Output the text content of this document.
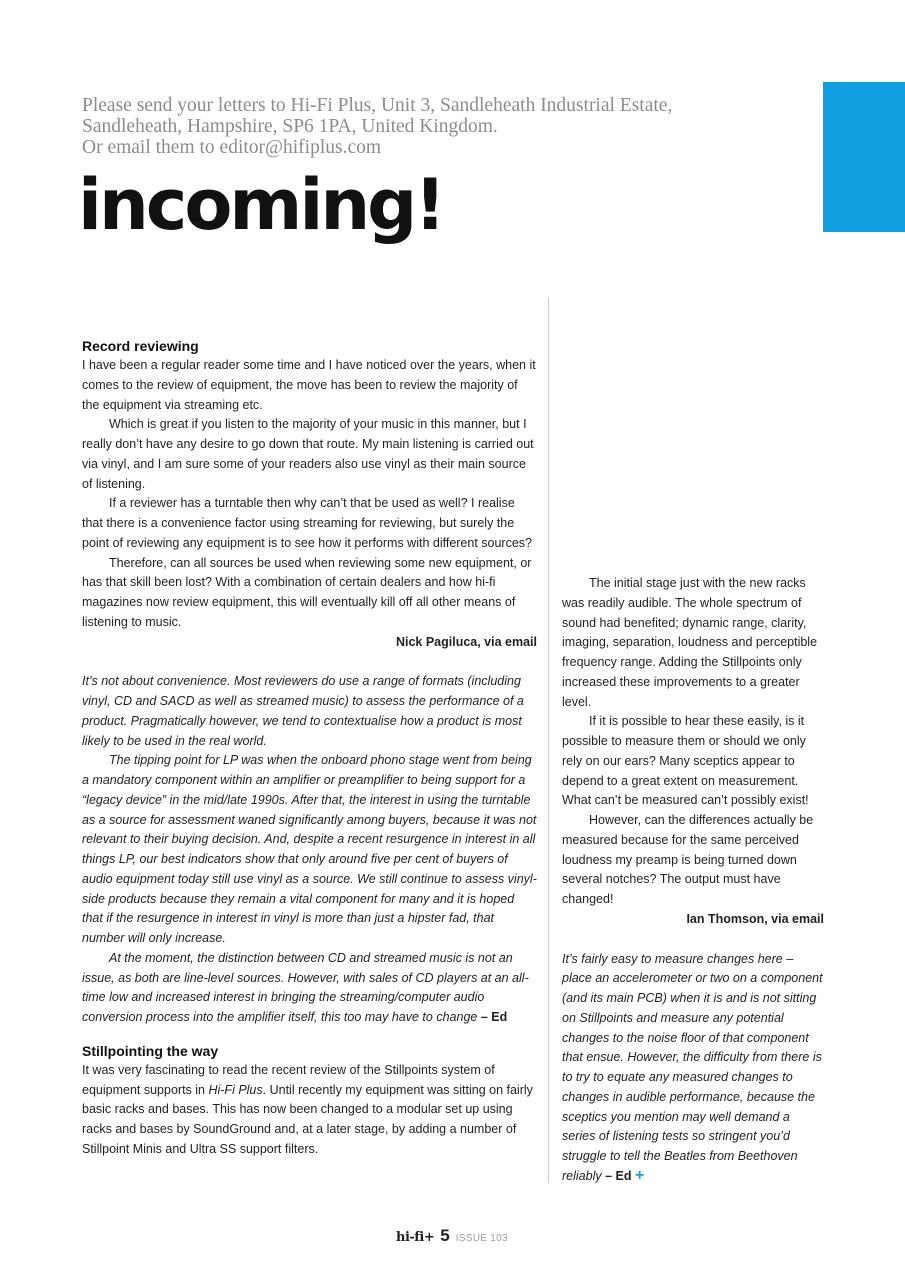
Please send your letters to Hi-Fi Plus, Unit 3, Sandleheath Industrial Estate,
Sandleheath, Hampshire, SP6 1PA, United Kingdom.
Or email them to editor@hifiplus.com
incoming!
Record reviewing

I have been a regular reader some time and I have noticed over the years, when it comes to the review of equipment, the move has been to review the majority of the equipment via streaming etc.

Which is great if you listen to the majority of your music in this manner, but I really don’t have any desire to go down that route. My main listening is carried out via vinyl, and I am sure some of your readers also use vinyl as their main source of listening.

If a reviewer has a turntable then why can’t that be used as well? I realise that there is a convenience factor using streaming for reviewing, but surely the point of reviewing any equipment is to see how it performs with different sources?

Therefore, can all sources be used when reviewing some new equipment, or has that skill been lost? With a combination of certain dealers and how hi-fi magazines now review equipment, this will eventually kill off all other means of listening to music.

Nick Pagiluca, via email

It’s not about convenience. Most reviewers do use a range of formats (including vinyl, CD and SACD as well as streamed music) to assess the performance of a product. Pragmatically however, we tend to contextualise how a product is most likely to be used in the real world.

The tipping point for LP was when the onboard phono stage went from being a mandatory component within an amplifier or preamplifier to being support for a “legacy device” in the mid/late 1990s. After that, the interest in using the turntable as a source for assessment waned significantly among buyers, because it was not relevant to their buying decision. And, despite a recent resurgence in interest in all things LP, our best indicators show that only around five per cent of buyers of audio equipment today still use vinyl as a source. We still continue to assess vinyl-side products because they remain a vital component for many and it is hoped that if the resurgence in interest in vinyl is more than just a hipster fad, that number will only increase.

At the moment, the distinction between CD and streamed music is not an issue, as both are line-level sources. However, with sales of CD players at an all-time low and increased interest in bringing the streaming/computer audio conversion process into the amplifier itself, this too may have to change – Ed

Stillpointing the way

It was very fascinating to read the recent review of the Stillpoints system of equipment supports in Hi-Fi Plus. Until recently my equipment was sitting on fairly basic racks and bases. This has now been changed to a modular set up using racks and bases by SoundGround and, at a later stage, by adding a number of Stillpoint Minis and Ultra SS support filters.

The initial stage just with the new racks was readily audible. The whole spectrum of sound had benefited; dynamic range, clarity, imaging, separation, loudness and perceptible frequency range. Adding the Stillpoints only increased these improvements to a greater level.

If it is possible to hear these easily, is it possible to measure them or should we only rely on our ears? Many sceptics appear to depend to a great extent on measurement. What can’t be measured can’t possibly exist!

However, can the differences actually be measured because for the same perceived loudness my preamp is being turned down several notches? The output must have changed!

Ian Thomson, via email

It’s fairly easy to measure changes here – place an accelerometer or two on a component (and its main PCB) when it is and is not sitting on Stillpoints and measure any potential changes to the noise floor of that component that ensue. However, the difficulty from there is to try to equate any measured changes to changes in audible performance, because the sceptics you mention may well demand a series of listening tests so stringent you’d struggle to tell the Beatles from Beethoven reliably – Ed +

hi-fi+ 5 ISSUE 103
